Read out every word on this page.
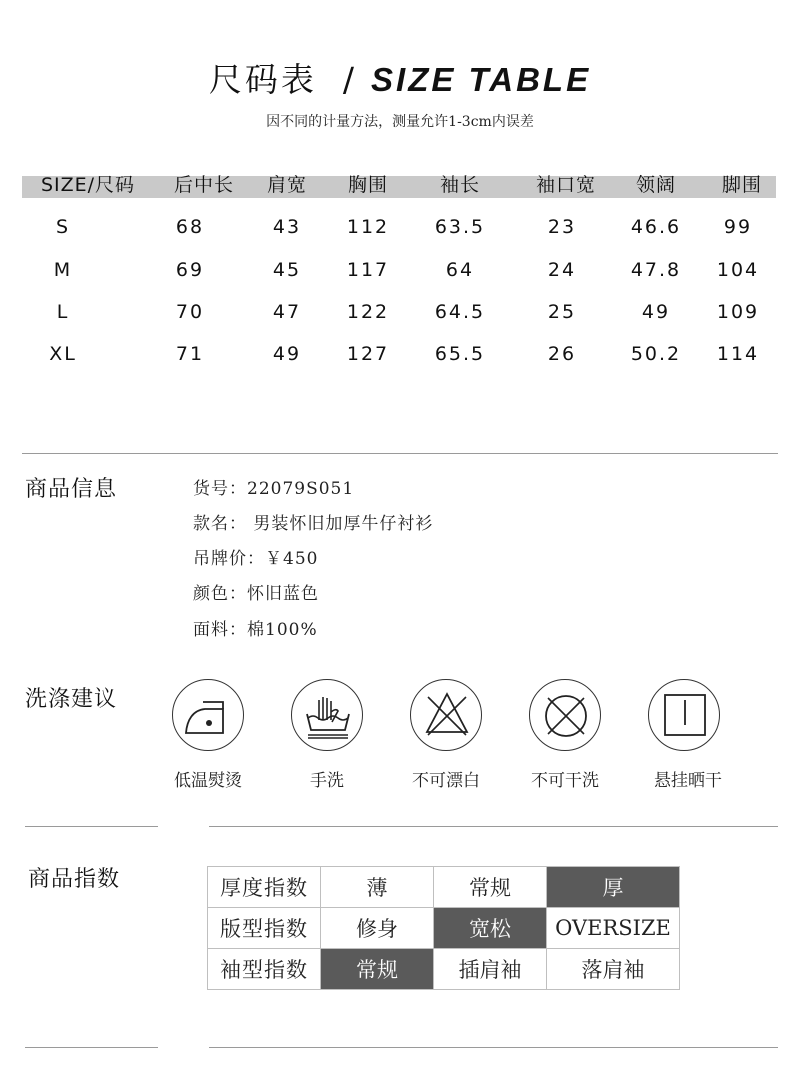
尺码表 / SIZE TABLE
因不同的计量方法，测量允许1-3cm内误差
SIZE/尺码 后中长 肩宽 胸围	袖长	袖口宽 领阔 脚围
S	68	43 112 63.5	23	46.6 99
M	69	45 117	64	24	47.8 104
L	70	47 122 64.5	25	49 109
XL	71	49 127 65.5	26	50.2 114
商品信息	货号：22079S051
款名： 男装怀旧加厚牛仔衬衫
吊牌价：￥450
颜色：怀旧蓝色
面料：棉100%
洗涤建议
低温熨烫	手洗	不可漂白	不可干洗	悬挂晒干
商品指数	厚度指数	薄	常规	厚
版型指数	修身	宽松	OVERSIZE
袖型指数	常规	插肩袖	落肩袖
